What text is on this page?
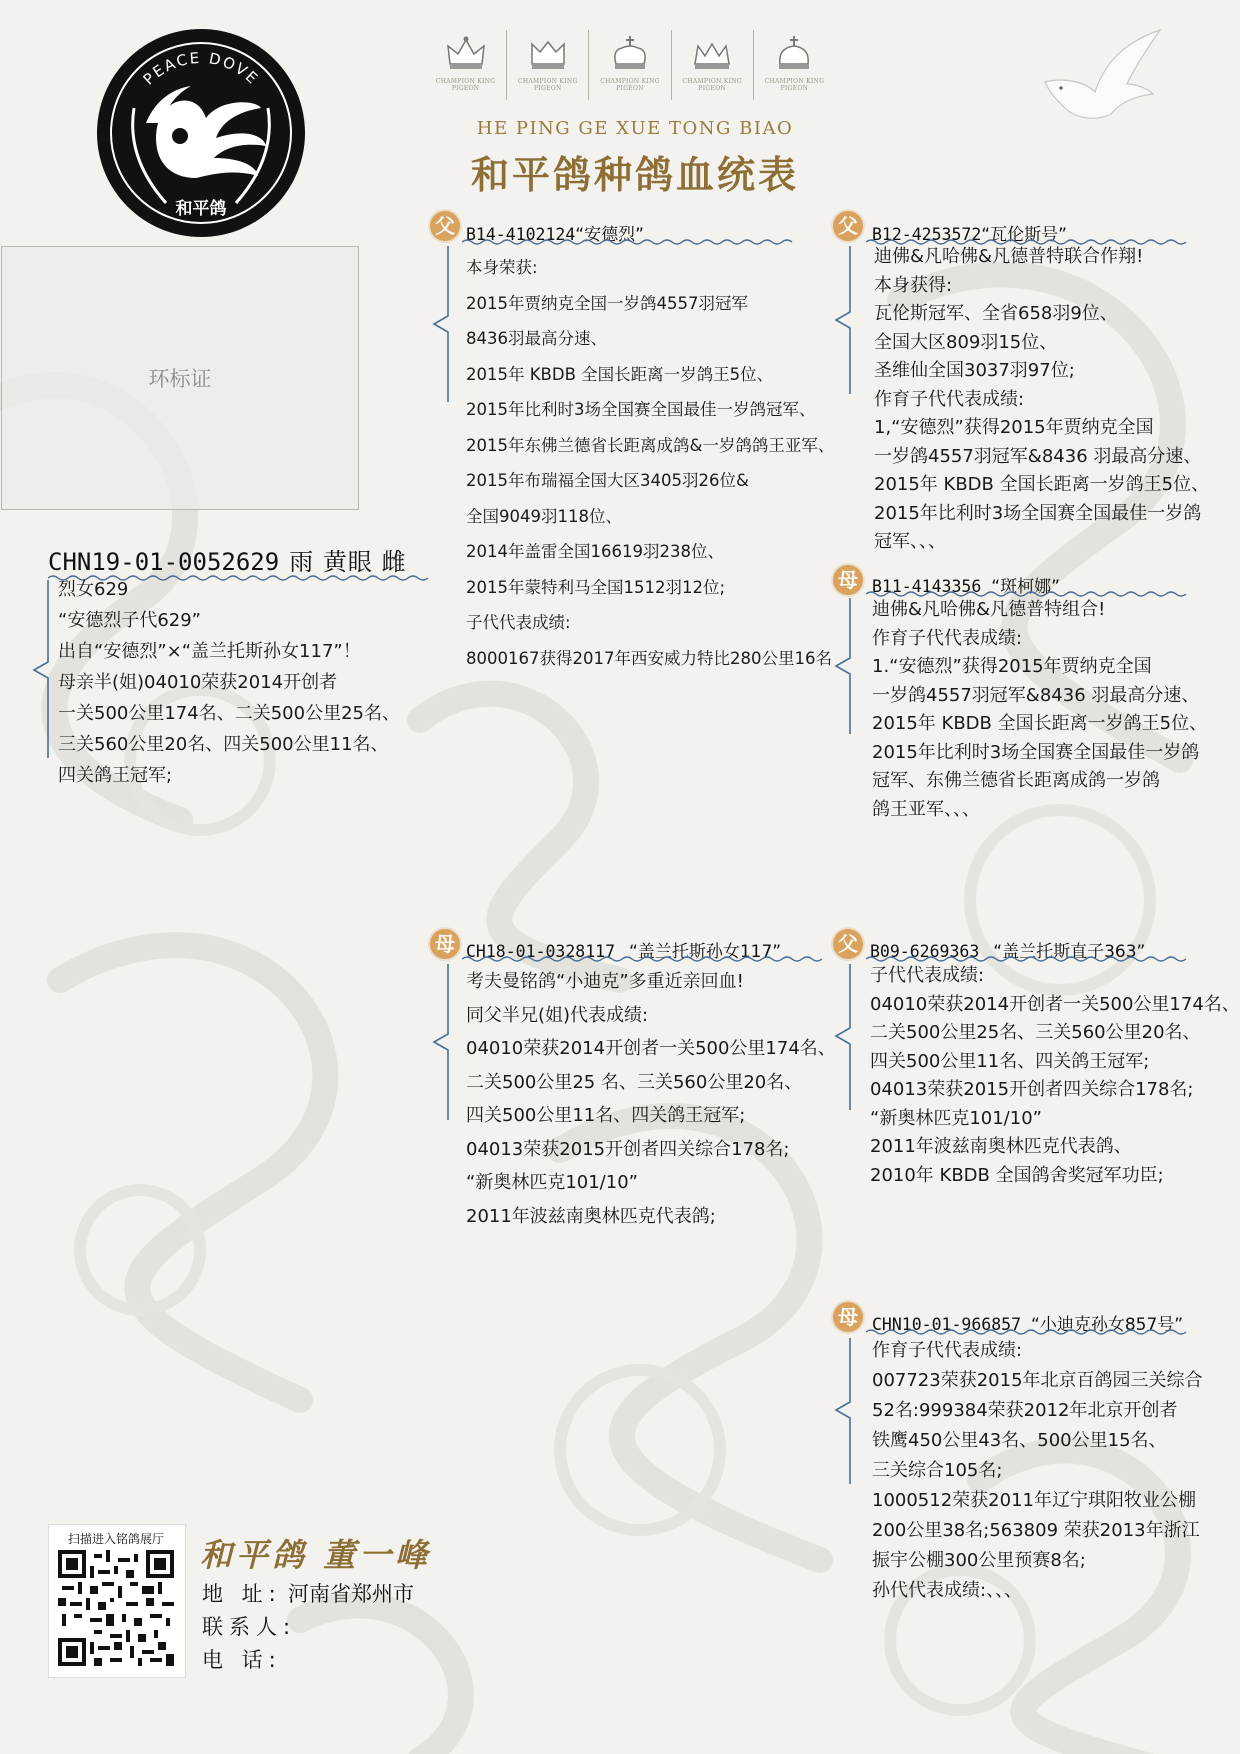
PEACE DOVE
和平鸽
CHAMPION KING PIGEON
CHAMPION KING PIGEON
CHAMPION KING PIGEON
CHAMPION KING PIGEON
CHAMPION KING PIGEON
HE PING GE XUE TONG BIAO
和平鸽种鸽血统表
环标证
CHN19-01-0052629 雨 黄眼 雌
烈女629
“安德烈子代629”
出自“安德烈”×“盖兰托斯孙女117”！
母亲半(姐)04010荣获2014开创者
一关500公里174名、二关500公里25名、
三关560公里20名、四关500公里11名、
四关鸽王冠军;
父 B14-4102124“安德烈”
本身荣获:
2015年贾纳克全国一岁鸽4557羽冠军
8436羽最高分速、
2015年 KBDB 全国长距离一岁鸽王5位、
2015年比利时3场全国赛全国最佳一岁鸽冠军、
2015年东佛兰德省长距离成鸽&一岁鸽鸽王亚军、
2015年布瑞福全国大区3405羽26位&
全国9049羽118位、
2014年盖雷全国16619羽238位、
2015年蒙特利马全国1512羽12位;
子代代表成绩:
8000167获得2017年西安威力特比280公里16名
父 B12-4253572“瓦伦斯号”
迪佛&凡哈佛&凡德普特联合作翔!
本身获得:
瓦伦斯冠军、全省658羽9位、
全国大区809羽15位、
圣维仙全国3037羽97位;
作育子代代表成绩:
1,“安德烈”获得2015年贾纳克全国
一岁鸽4557羽冠军&8436 羽最高分速、
2015年 KBDB 全国长距离一岁鸽王5位、
2015年比利时3场全国赛全国最佳一岁鸽
冠军、、、
母 B11-4143356 “斑柯娜”
迪佛&凡哈佛&凡德普特组合!
作育子代代表成绩:
1.“安德烈”获得2015年贾纳克全国
一岁鸽4557羽冠军&8436 羽最高分速、
2015年 KBDB 全国长距离一岁鸽王5位、
2015年比利时3场全国赛全国最佳一岁鸽
冠军、东佛兰德省长距离成鸽一岁鸽
鸽王亚军、、、
母 CH18-01-0328117 “盖兰托斯孙女117”
考夫曼铭鸽“小迪克”多重近亲回血!
同父半兄(姐)代表成绩:
04010荣获2014开创者一关500公里174名、
二关500公里25 名、三关560公里20名、
四关500公里11名、四关鸽王冠军;
04013荣获2015开创者四关综合178名;
“新奥林匹克101/10”
2011年波兹南奥林匹克代表鸽;
父 B09-6269363 “盖兰托斯直子363”
子代代表成绩:
04010荣获2014开创者一关500公里174名、
二关500公里25名、三关560公里20名、
四关500公里11名、四关鸽王冠军;
04013荣获2015开创者四关综合178名;
“新奥林匹克101/10”
2011年波兹南奥林匹克代表鸽、
2010年 KBDB 全国鸽舍奖冠军功臣;
母 CHN10-01-966857 “小迪克孙女857号”
作育子代代表成绩:
007723荣获2015年北京百鸽园三关综合
52名:999384荣获2012年北京开创者
铁鹰450公里43名、500公里15名、
三关综合105名;
1000512荣获2011年辽宁琪阳牧业公棚
200公里38名;563809 荣获2013年浙江
振宇公棚300公里预赛8名;
孙代代表成绩:、、、
扫描进入铭鸽展厅	和平鸽 董一峰
地 址: 河南省郑州市
联系人:
电 话:
